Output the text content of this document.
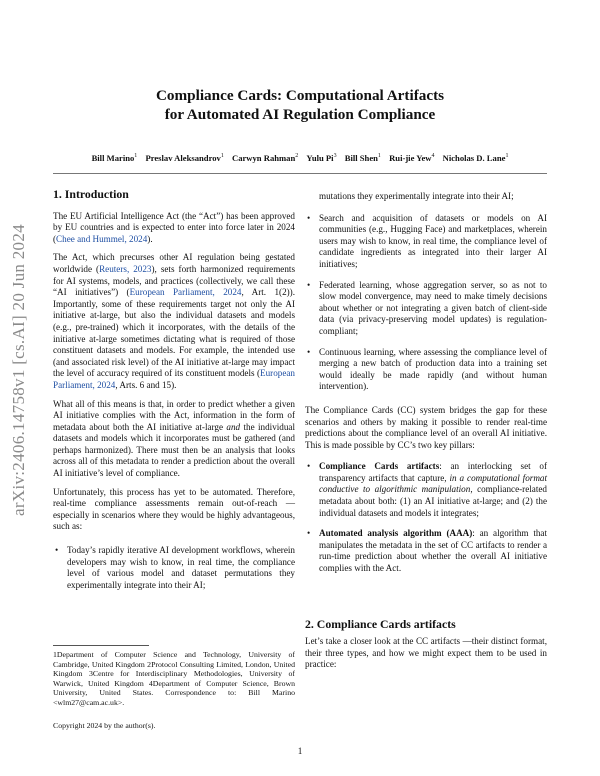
arXiv:2406.14758v1 [cs.AI] 20 Jun 2024
Compliance Cards: Computational Artifacts
for Automated AI Regulation Compliance
Bill Marino$^1$ Preslav Aleksandrov$^1$ Carwyn Rahman$^2$ Yulu Pi$^3$ Bill Shen$^1$ Rui-jie Yew$^4$ Nicholas D. Lane$^1$
1. Introduction

The EU Artificial Intelligence Act (the “Act”) has been approved by EU countries and is expected to enter into force later in 2024 (Chee and Hummel, 2024).

The Act, which precurses other AI regulation being gestated worldwide (Reuters, 2023), sets forth harmonized requirements for AI systems, models, and practices (collectively, we call these “AI initiatives”) (European Parliament, 2024, Art. 1(2)). Importantly, some of these requirements target not only the AI initiative at-large, but also the individual datasets and models (e.g., pre-trained) which it incorporates, with the details of the initiative at-large sometimes dictating what is required of those constituent datasets and models. For example, the intended use (and associated risk level) of the AI initiative at-large may impact the level of accuracy required of its constituent models (European Parliament, 2024, Arts. 6 and 15).

What all of this means is that, in order to predict whether a given AI initiative complies with the Act, information in the form of metadata about both the AI initiative at-large and the individual datasets and models which it incorporates must be gathered (and perhaps harmonized). There must then be an analysis that looks across all of this metadata to render a prediction about the overall AI initiative’s level of compliance.

Unfortunately, this process has yet to be automated. Therefore, real-time compliance assessments remain out-of-reach —especially in scenarios where they would be highly advantageous, such as:

• Today’s rapidly iterative AI development workflows, wherein developers may wish to know, in real time, the compliance level of various model and dataset permutations they experimentally integrate into their AI;

mutations they experimentally integrate into their AI;

• Search and acquisition of datasets or models on AI communities (e.g., Hugging Face) and marketplaces, wherein users may wish to know, in real time, the compliance level of candidate ingredients as integrated into their larger AI initiatives;
• Federated learning, whose aggregation server, so as not to slow model convergence, may need to make timely decisions about whether or not integrating a given batch of client-side data (via privacy-preserving model updates) is regulation-compliant;
• Continuous learning, where assessing the compliance level of merging a new batch of production data into a training set would ideally be made rapidly (and without human intervention).

The Compliance Cards (CC) system bridges the gap for these scenarios and others by making it possible to render real-time predictions about the compliance level of an overall AI initiative. This is made possible by CC’s two key pillars:

• Compliance Cards artifacts: an interlocking set of transparency artifacts that capture, in a computational format conductive to algorithmic manipulation, compliance-related metadata about both: (1) an AI initiative at-large; and (2) the individual datasets and models it integrates;
• Automated analysis algorithm (AAA): an algorithm that manipulates the metadata in the set of CC artifacts to render a run-time prediction about whether the overall AI initiative complies with the Act.
2. Compliance Cards artifacts

Let’s take a closer look at the CC artifacts —their distinct format, their three types, and how we might expect them to be used in practice:

1Department of Computer Science and Technology, University of Cambridge, United Kingdom 2Protocol Consulting Limited, London, United Kingdom 3Centre for Interdisciplinary Methodologies, University of Warwick, United Kingdom 4Department of Computer Science, Brown University, United States. Correspondence to: Bill Marino <wlm27@cam.ac.uk>.
Copyright 2024 by the author(s).
1
